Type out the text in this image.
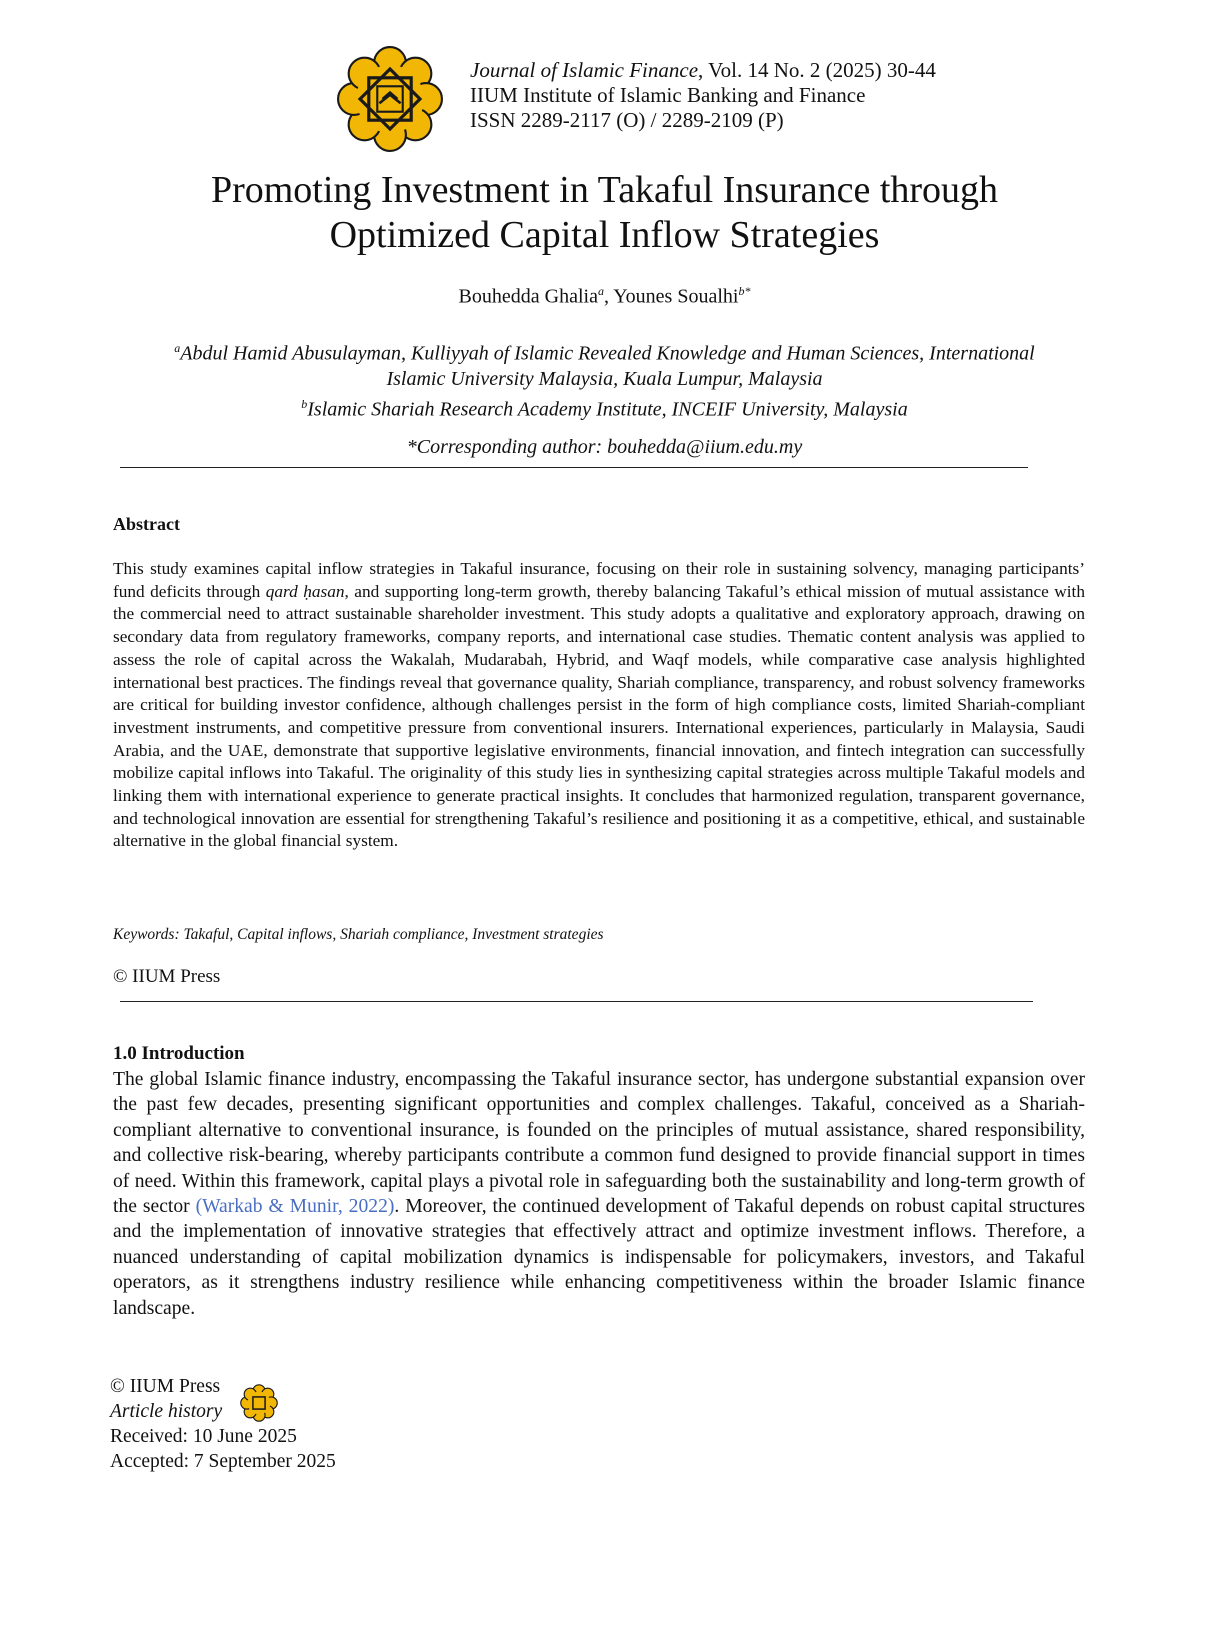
Journal of Islamic Finance, Vol. 14 No. 2 (2025) 30-44
IIUM Institute of Islamic Banking and Finance
ISSN 2289-2117 (O) / 2289-2109 (P)
Promoting Investment in Takaful Insurance through
Optimized Capital Inflow Strategies
Bouhedda Ghalia$^a$, Younes Soualhi$^{b*}$
$^a$Abdul Hamid Abusulayman, Kulliyyah of Islamic Revealed Knowledge and Human Sciences, International
Islamic University Malaysia, Kuala Lumpur, Malaysia
$^b$Islamic Shariah Research Academy Institute, INCEIF University, Malaysia
*Corresponding author: bouhedda@iium.edu.my
Abstract
This study examines capital inflow strategies in Takaful insurance, focusing on their role in sustaining solvency, managing participants’ fund deficits through qard ḥasan, and supporting long-term growth, thereby balancing Takaful’s ethical mission of mutual assistance with the commercial need to attract sustainable shareholder investment. This study adopts a qualitative and exploratory approach, drawing on secondary data from regulatory frameworks, company reports, and international case studies. Thematic content analysis was applied to assess the role of capital across the Wakalah, Mudarabah, Hybrid, and Waqf models, while comparative case analysis highlighted international best practices. The findings reveal that governance quality, Shariah compliance, transparency, and robust solvency frameworks are critical for building investor confidence, although challenges persist in the form of high compliance costs, limited Shariah-compliant investment instruments, and competitive pressure from conventional insurers. International experiences, particularly in Malaysia, Saudi Arabia, and the UAE, demonstrate that supportive legislative environments, financial innovation, and fintech integration can successfully mobilize capital inflows into Takaful. The originality of this study lies in synthesizing capital strategies across multiple Takaful models and linking them with international experience to generate practical insights. It concludes that harmonized regulation, transparent governance, and technological innovation are essential for strengthening Takaful’s resilience and positioning it as a competitive, ethical, and sustainable alternative in the global financial system.
Keywords: Takaful, Capital inflows, Shariah compliance, Investment strategies
© IIUM Press
1.0 Introduction
The global Islamic finance industry, encompassing the Takaful insurance sector, has undergone substantial expansion over the past few decades, presenting significant opportunities and complex challenges. Takaful, conceived as a Shariah-compliant alternative to conventional insurance, is founded on the principles of mutual assistance, shared responsibility, and collective risk-bearing, whereby participants contribute a common fund designed to provide financial support in times of need. Within this framework, capital plays a pivotal role in safeguarding both the sustainability and long-term growth of the sector (Warkab & Munir, 2022). Moreover, the continued development of Takaful depends on robust capital structures and the implementation of innovative strategies that effectively attract and optimize investment inflows. Therefore, a nuanced understanding of capital mobilization dynamics is indispensable for policymakers, investors, and Takaful operators, as it strengthens industry resilience while enhancing competitiveness within the broader Islamic finance landscape.
© IIUM Press
Article history
Received: 10 June 2025
Accepted: 7 September 2025
